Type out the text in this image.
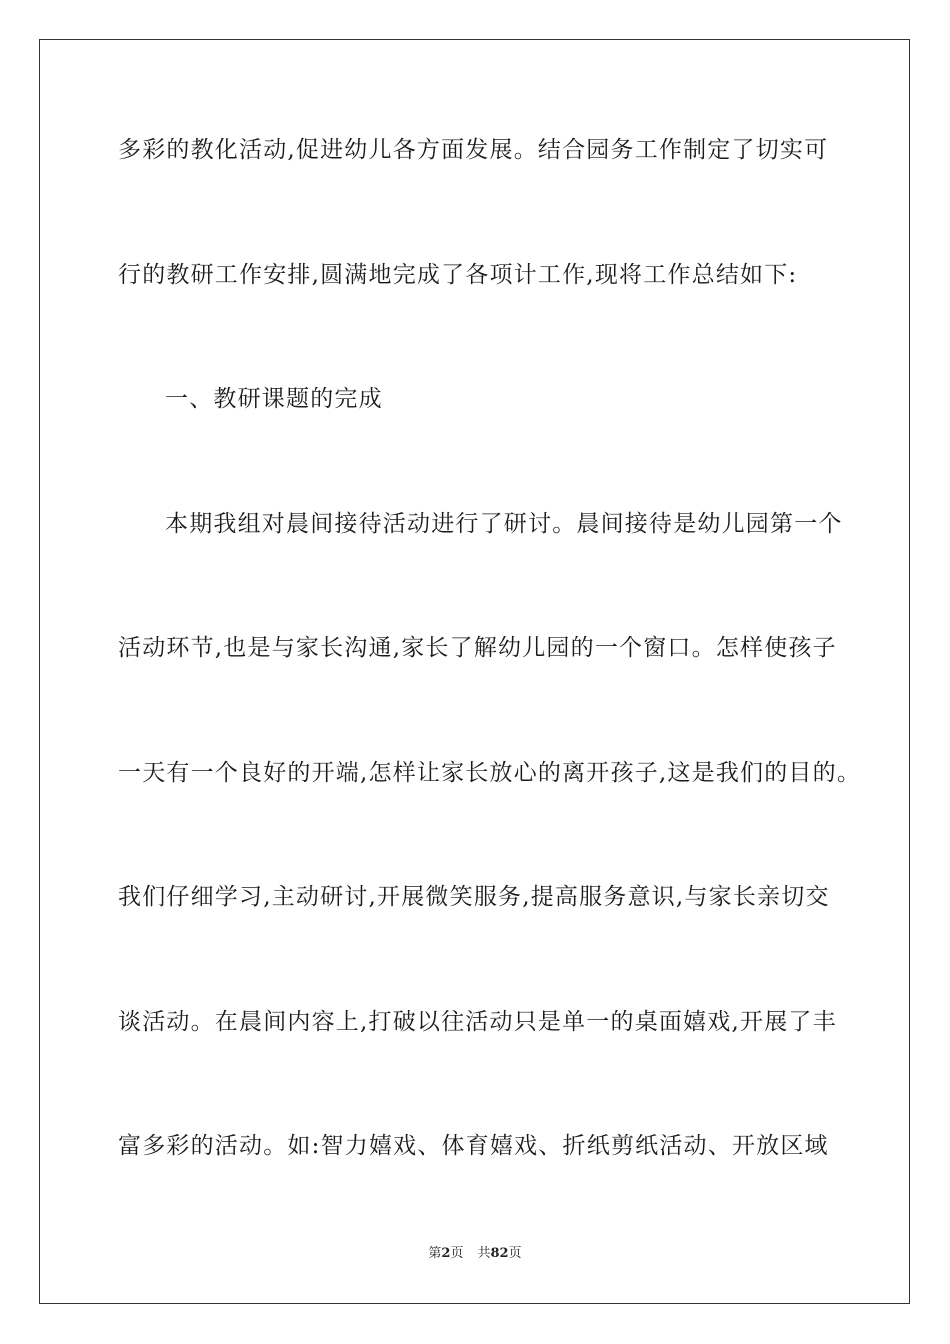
多彩的教化活动,促进幼儿各方面发展。结合园务工作制定了切实可
行的教研工作安排,圆满地完成了各项计工作,现将工作总结如下:
一、教研课题的完成
本期我组对晨间接待活动进行了研讨。晨间接待是幼儿园第一个
活动环节,也是与家长沟通,家长了解幼儿园的一个窗口。怎样使孩子
一天有一个良好的开端,怎样让家长放心的离开孩子,这是我们的目的。
我们仔细学习,主动研讨,开展微笑服务,提高服务意识,与家长亲切交
谈活动。在晨间内容上,打破以往活动只是单一的桌面嬉戏,开展了丰
富多彩的活动。如:智力嬉戏、体育嬉戏、折纸剪纸活动、开放区域
第2页 共82页
